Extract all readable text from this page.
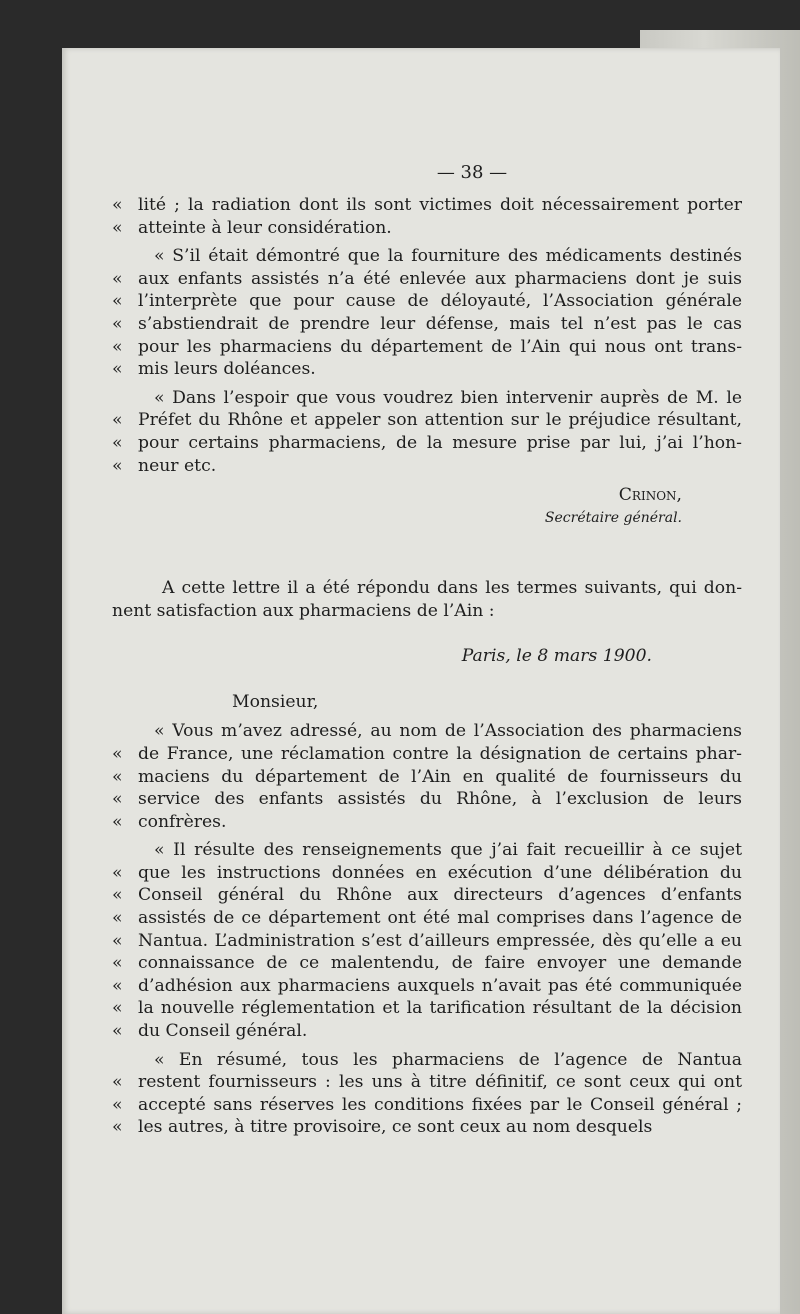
— 38 —
« lité ; la radiation dont ils sont victimes doit nécessairement porter
« atteinte à leur considération.
« S’il était démontré que la fourniture des médicaments destinés
« aux enfants assistés n’a été enlevée aux pharmaciens dont je suis
« l’interprète que pour cause de déloyauté, l’Association générale
« s’abstiendrait de prendre leur défense, mais tel n’est pas le cas
« pour les pharmaciens du département de l’Ain qui nous ont trans-
« mis leurs doléances.
« Dans l’espoir que vous voudrez bien intervenir auprès de M. le
« Préfet du Rhône et appeler son attention sur le préjudice résultant,
« pour certains pharmaciens, de la mesure prise par lui, j’ai l’hon-
« neur etc.
Crinon,
Secrétaire général.
A cette lettre il a été répondu dans les termes suivants, qui don-
nent satisfaction aux pharmaciens de l’Ain :
Paris, le 8 mars 1900.
Monsieur,
« Vous m’avez adressé, au nom de l’Association des pharmaciens
« de France, une réclamation contre la désignation de certains phar-
« maciens du département de l’Ain en qualité de fournisseurs du
« service des enfants assistés du Rhône, à l’exclusion de leurs
« confrères.
« Il résulte des renseignements que j’ai fait recueillir à ce sujet
« que les instructions données en exécution d’une délibération du
« Conseil général du Rhône aux directeurs d’agences d’enfants
« assistés de ce département ont été mal comprises dans l’agence de
« Nantua. L’administration s’est d’ailleurs empressée, dès qu’elle a eu
« connaissance de ce malentendu, de faire envoyer une demande
« d’adhésion aux pharmaciens auxquels n’avait pas été communiquée
« la nouvelle réglementation et la tarification résultant de la décision
« du Conseil général.
« En résumé, tous les pharmaciens de l’agence de Nantua
« restent fournisseurs : les uns à titre définitif, ce sont ceux qui ont
« accepté sans réserves les conditions fixées par le Conseil général ;
« les autres, à titre provisoire, ce sont ceux au nom desquels
